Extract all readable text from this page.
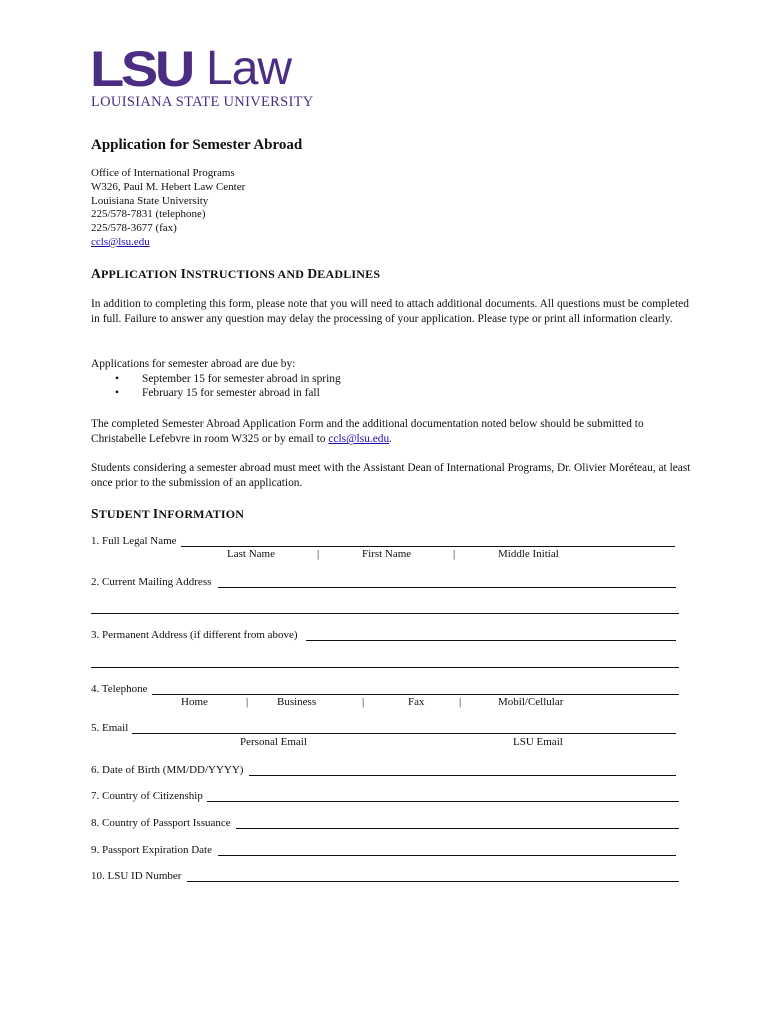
LSU Law
LOUISIANA STATE UNIVERSITY
Application for Semester Abroad
Office of International Programs
W326, Paul M. Hebert Law Center
Louisiana State University
225/578-7831 (telephone)
225/578-3677 (fax)
ccls@lsu.edu
APPLICATION INSTRUCTIONS AND DEADLINES
In addition to completing this form, please note that you will need to attach additional documents. All questions must be completed in full. Failure to answer any question may delay the processing of your application. Please type or print all information clearly.
Applications for semester abroad are due by:
• September 15 for semester abroad in spring
• February 15 for semester abroad in fall
The completed Semester Abroad Application Form and the additional documentation noted below should be submitted to Christabelle Lefebvre in room W325 or by email to ccls@lsu.edu.
Students considering a semester abroad must meet with the Assistant Dean of International Programs, Dr. Olivier Moréteau, at least once prior to the submission of an application.
STUDENT INFORMATION
1. Full Legal Name
Last Name	|	First Name	|	Middle Initial
2. Current Mailing Address
3. Permanent Address (if different from above)
4. Telephone
Home	|	Business	|	Fax	|	Mobil/Cellular
5. Email
Personal Email	LSU Email
6. Date of Birth (MM/DD/YYYY)
7. Country of Citizenship
8. Country of Passport Issuance
9. Passport Expiration Date
10. LSU ID Number
